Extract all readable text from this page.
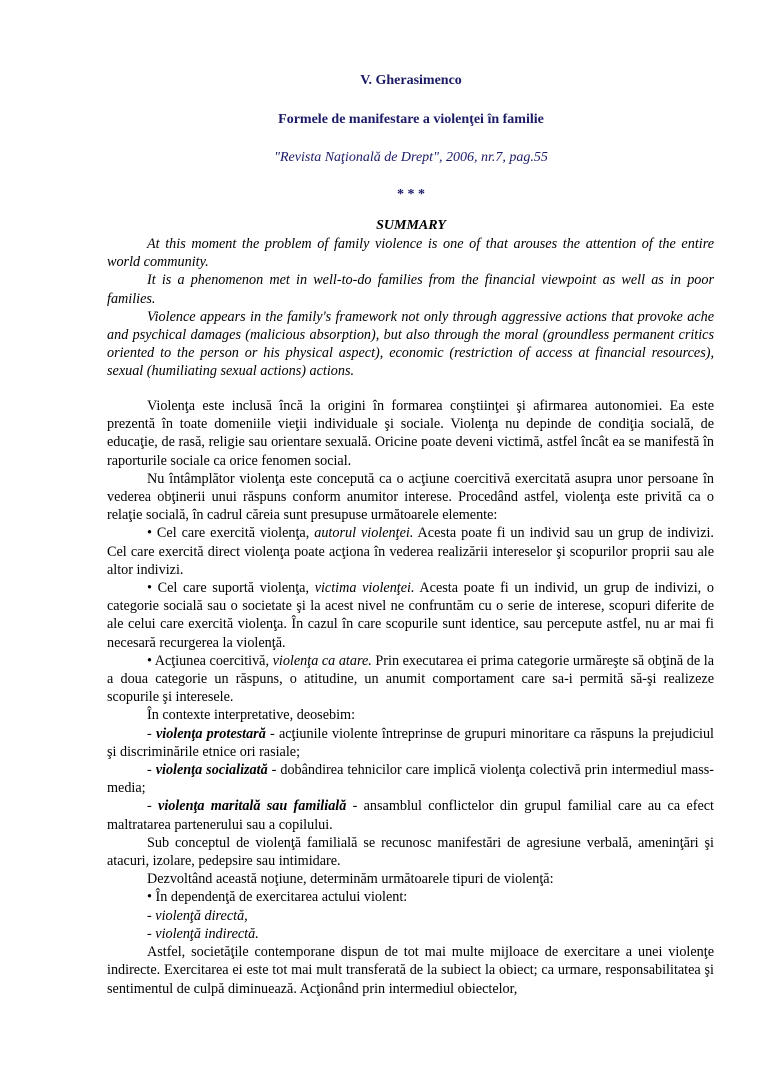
V. Gherasimenco
Formele de manifestare a violenţei în familie
"Revista Naţională de Drept", 2006, nr.7, pag.55
* * *
SUMMARY

At this moment the problem of family violence is one of that arouses the attention of the entire world community.

It is a phenomenon met in well-to-do families from the financial viewpoint as well as in poor families.

Violence appears in the family's framework not only through aggressive actions that provoke ache and psychical damages (malicious absorption), but also through the moral (groundless permanent critics oriented to the person or his physical aspect), economic (restriction of access at financial resources), sexual (humiliating sexual actions) actions.

Violenţa este inclusă încă la origini în formarea conştiinţei şi afirmarea autonomiei. Ea este prezentă în toate domeniile vieţii individuale şi sociale. Violenţa nu depinde de condiţia socială, de educaţie, de rasă, religie sau orientare sexuală. Oricine poate deveni victimă, astfel încât ea se manifestă în raporturile sociale ca orice fenomen social.

Nu întâmplător violenţa este concepută ca o acţiune coercitivă exercitată asupra unor persoane în vederea obţinerii unui răspuns conform anumitor interese. Procedând astfel, violenţa este privită ca o relaţie socială, în cadrul căreia sunt presupuse următoarele elemente:

• Cel care exercită violenţa, autorul violenţei. Acesta poate fi un individ sau un grup de indivizi. Cel care exercită direct violenţa poate acţiona în vederea realizării intereselor şi scopurilor proprii sau ale altor indivizi.

• Cel care suportă violenţa, victima violenţei. Acesta poate fi un individ, un grup de indivizi, o categorie socială sau o societate şi la acest nivel ne confruntăm cu o serie de interese, scopuri diferite de ale celui care exercită violenţa. În cazul în care scopurile sunt identice, sau percepute astfel, nu ar mai fi necesară recurgerea la violenţă.

• Acţiunea coercitivă, violenţa ca atare. Prin executarea ei prima categorie urmăreşte să obţină de la a doua categorie un răspuns, o atitudine, un anumit comportament care sa-i permită să-şi realizeze scopurile şi interesele.

În contexte interpretative, deosebim:

- violenţa protestară - acţiunile violente întreprinse de grupuri minoritare ca răspuns la prejudiciul şi discriminările etnice ori rasiale;

- violenţa socializată - dobândirea tehnicilor care implică violenţa colectivă prin intermediul mass- media;

- violenţa maritală sau familială - ansamblul conflictelor din grupul familial care au ca efect maltratarea partenerului sau a copilului.

Sub conceptul de violenţă familială se recunosc manifestări de agresiune verbală, ameninţări şi atacuri, izolare, pedepsire sau intimidare.

Dezvoltând această noţiune, determinăm următoarele tipuri de violenţă:

• În dependenţă de exercitarea actului violent:

- violenţă directă,

- violenţă indirectă.

Astfel, societăţile contemporane dispun de tot mai multe mijloace de exercitare a unei violenţe indirecte. Exercitarea ei este tot mai mult transferată de la subiect la obiect; ca urmare, responsabilitatea şi sentimentul de culpă diminuează. Acţionând prin intermediul obiectelor,
